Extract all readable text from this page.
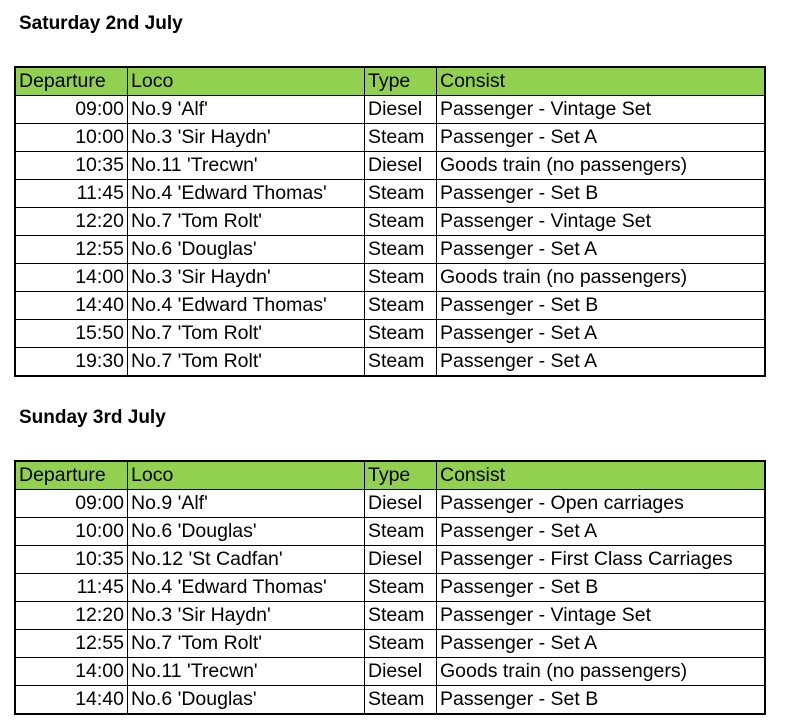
Saturday 2nd July
Departure	Loco	Type	Consist
09:00	No.9 'Alf'	Diesel	Passenger - Vintage Set
10:00	No.3 'Sir Haydn'	Steam	Passenger - Set A
10:35	No.11 'Trecwn'	Diesel	Goods train (no passengers)
11:45	No.4 'Edward Thomas'	Steam	Passenger - Set B
12:20	No.7 'Tom Rolt'	Steam	Passenger - Vintage Set
12:55	No.6 'Douglas'	Steam	Passenger - Set A
14:00	No.3 'Sir Haydn'	Steam	Goods train (no passengers)
14:40	No.4 'Edward Thomas'	Steam	Passenger - Set B
15:50	No.7 'Tom Rolt'	Steam	Passenger - Set A
19:30	No.7 'Tom Rolt'	Steam	Passenger - Set A
Sunday 3rd July
Departure	Loco	Type	Consist
09:00	No.9 'Alf'	Diesel	Passenger - Open carriages
10:00	No.6 'Douglas'	Steam	Passenger - Set A
10:35	No.12 'St Cadfan'	Diesel	Passenger - First Class Carriages
11:45	No.4 'Edward Thomas'	Steam	Passenger - Set B
12:20	No.3 'Sir Haydn'	Steam	Passenger - Vintage Set
12:55	No.7 'Tom Rolt'	Steam	Passenger - Set A
14:00	No.11 'Trecwn'	Diesel	Goods train (no passengers)
14:40	No.6 'Douglas'	Steam	Passenger - Set B
